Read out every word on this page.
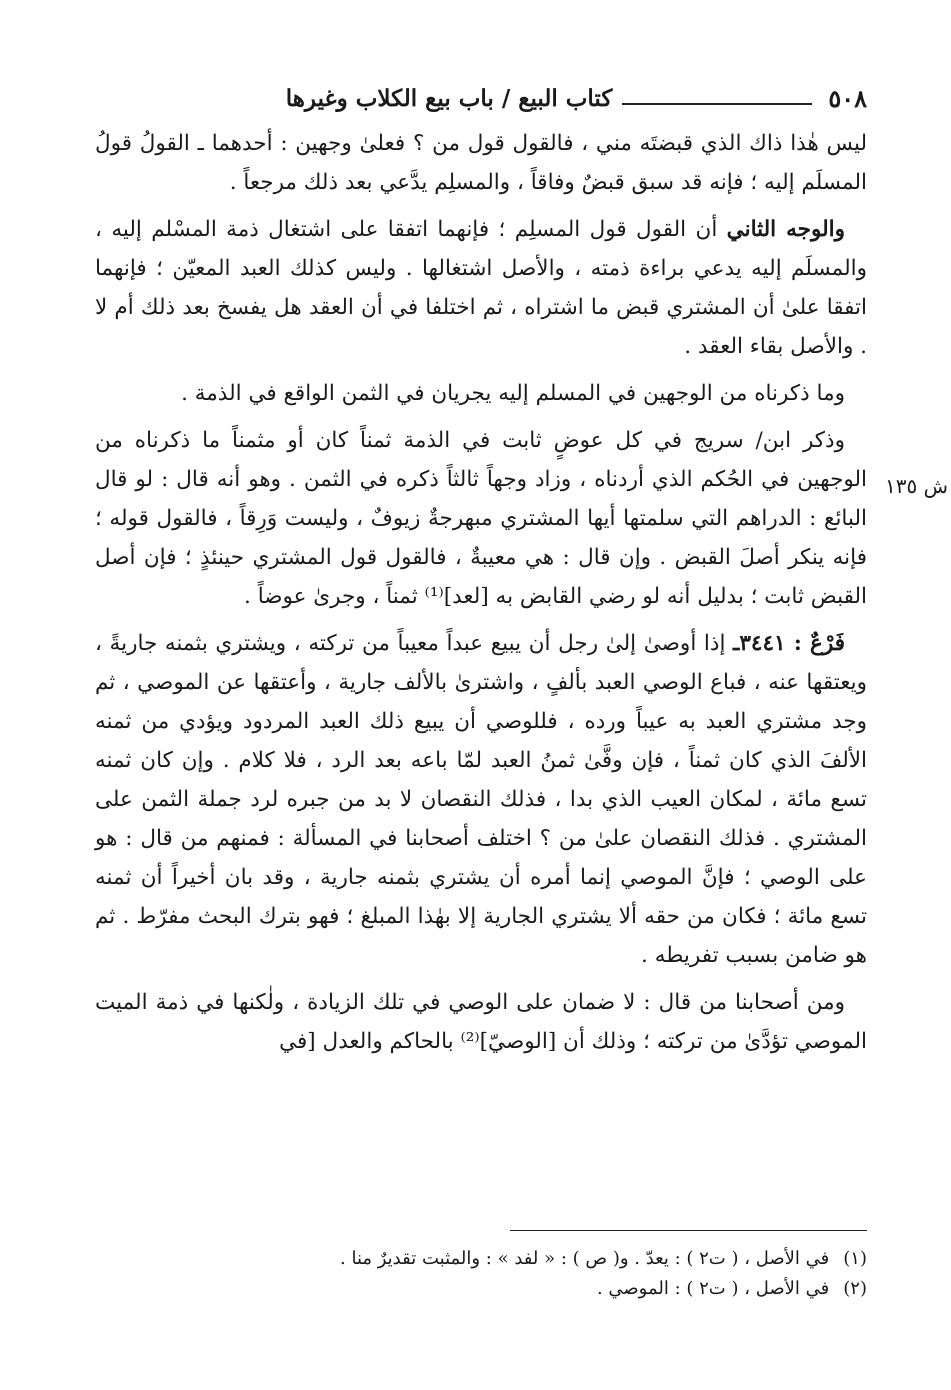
٥٠٨
كتاب البيع / باب بيع الكلاب وغيرها
ش ١٣٥

ليس هٰذا ذاك الذي قبضتَه مني ، فالقول قول من ؟ فعلىٰ وجهين : أحدهما ـ القولُ قولُ المسلَم إليه ؛ فإنه قد سبق قبضٌ وفاقاً ، والمسلِم يدَّعي بعد ذلك مرجعاً .

والوجه الثاني أن القول قول المسلِم ؛ فإنهما اتفقا على اشتغال ذمة المسْلم إليه ، والمسلَم إليه يدعي براءة ذمته ، والأصل اشتغالها . وليس كذلك العبد المعيّن ؛ فإنهما اتفقا علىٰ أن المشتري قبض ما اشتراه ، ثم اختلفا في أن العقد هل يفسخ بعد ذلك أم لا . والأصل بقاء العقد .

وما ذكرناه من الوجهين في المسلم إليه يجريان في الثمن الواقع في الذمة .

وذكر ابن/ سريج في كل عوضٍ ثابت في الذمة ثمناً كان أو مثمناً ما ذكرناه من الوجهين في الحُكم الذي أردناه ، وزاد وجهاً ثالثاً ذكره في الثمن . وهو أنه قال : لو قال البائع : الدراهم التي سلمتها أيها المشتري مبهرجةٌ زيوفٌ ، وليست وَرِقاً ، فالقول قوله ؛ فإنه ينكر أصلَ القبض . وإن قال : هي معيبةٌ ، فالقول قول المشتري حينئذٍ ؛ فإن أصل القبض ثابت ؛ بدليل أنه لو رضي القابض به [لعد]⁽¹⁾ ثمناً ، وجرىٰ عوضاً .

فَرْعٌ : ٣٤٤١ـ إذا أوصىٰ إلىٰ رجل أن يبيع عبداً معيباً من تركته ، ويشتري بثمنه جاريةً ، ويعتقها عنه ، فباع الوصي العبد بألفٍ ، واشترىٰ بالألف جارية ، وأعتقها عن الموصي ، ثم وجد مشتري العبد به عيباً ورده ، فللوصي أن يبيع ذلك العبد المردود ويؤدي من ثمنه الألفَ الذي كان ثمناً ، فإن وفَّىٰ ثمنُ العبد لمّا باعه بعد الرد ، فلا كلام . وإن كان ثمنه تسع مائة ، لمكان العيب الذي بدا ، فذلك النقصان لا بد من جبره لرد جملة الثمن على المشتري . فذلك النقصان علىٰ من ؟ اختلف أصحابنا في المسألة : فمنهم من قال : هو على الوصي ؛ فإنَّ الموصي إنما أمره أن يشتري بثمنه جارية ، وقد بان أخيراً أن ثمنه تسع مائة ؛ فكان من حقه ألا يشتري الجارية إلا بهٰذا المبلغ ؛ فهو بترك البحث مفرّط . ثم هو ضامن بسبب تفريطه .

ومن أصحابنا من قال : لا ضمان على الوصي في تلك الزيادة ، ولٰكنها في ذمة الميت الموصي تؤدَّىٰ من تركته ؛ وذلك أن [الوصيّ]⁽²⁾ بالحاكم والعدل [في

(١)
في الأصل ، ( ت٢ ) : يعدّ . و( ص ) : « لفد » : والمثبت تقديرٌ منا .
(٢)
في الأصل ، ( ت٢ ) : الموصي .
